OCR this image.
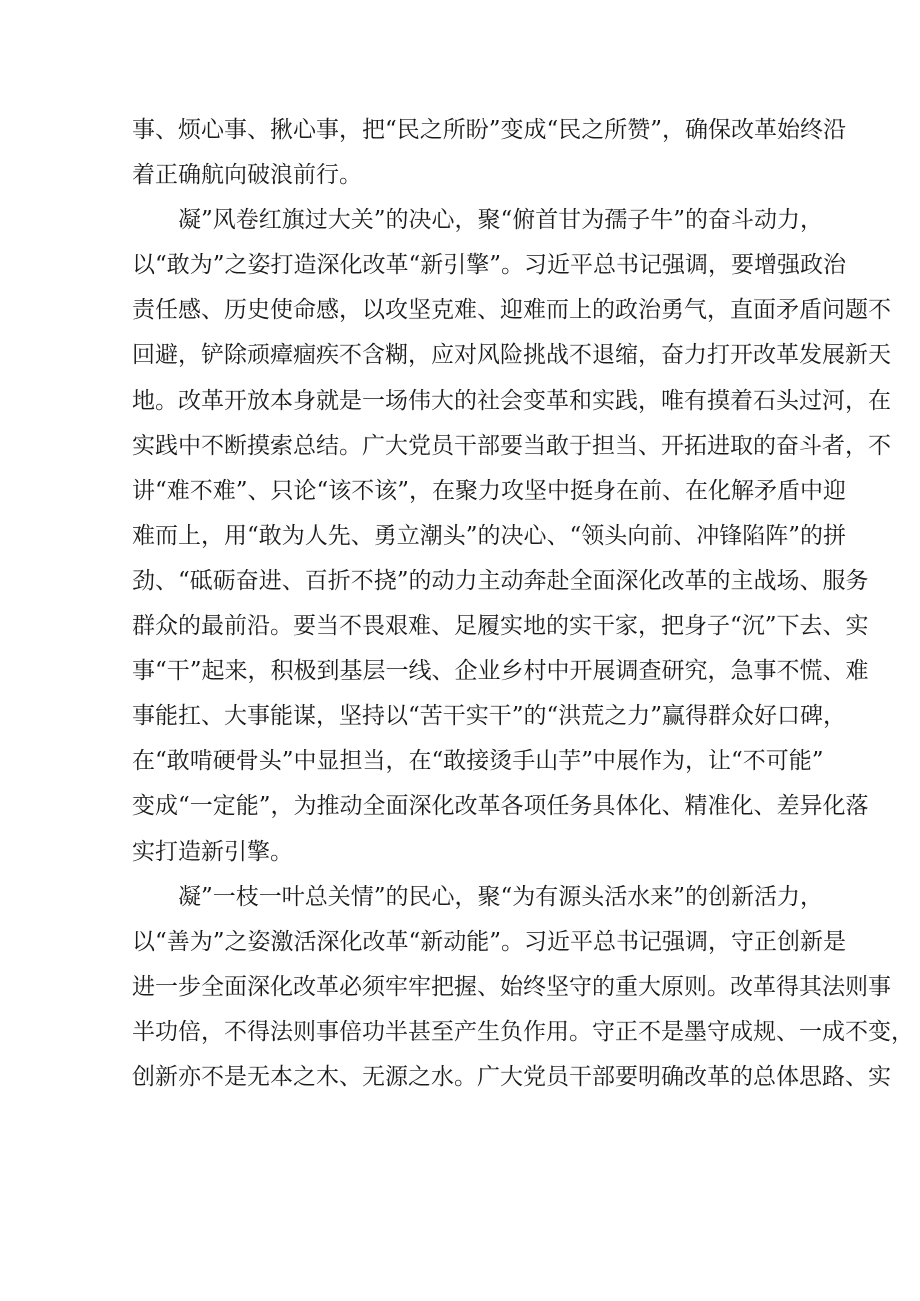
事、烦心事、揪心事，把“民之所盼”变成“民之所赞”，确保改革始终沿
着正确航向破浪前行。
凝”风卷红旗过大关”的决心，聚“俯首甘为孺子牛”的奋斗动力，
以“敢为”之姿打造深化改革“新引擎”。习近平总书记强调，要增强政治
责任感、历史使命感，以攻坚克难、迎难而上的政治勇气，直面矛盾问题不
回避，铲除顽瘴痼疾不含糊，应对风险挑战不退缩，奋力打开改革发展新天
地。改革开放本身就是一场伟大的社会变革和实践，唯有摸着石头过河，在
实践中不断摸索总结。广大党员干部要当敢于担当、开拓进取的奋斗者，不
讲“难不难”、只论“该不该”，在聚力攻坚中挺身在前、在化解矛盾中迎
难而上，用“敢为人先、勇立潮头”的决心、“领头向前、冲锋陷阵”的拼
劲、“砥砺奋进、百折不挠”的动力主动奔赴全面深化改革的主战场、服务
群众的最前沿。要当不畏艰难、足履实地的实干家，把身子“沉”下去、实
事“干”起来，积极到基层一线、企业乡村中开展调查研究，急事不慌、难
事能扛、大事能谋，坚持以“苦干实干”的“洪荒之力”赢得群众好口碑，
在“敢啃硬骨头”中显担当，在“敢接烫手山芋”中展作为，让“不可能”
变成“一定能”，为推动全面深化改革各项任务具体化、精准化、差异化落
实打造新引擎。
凝”一枝一叶总关情”的民心，聚“为有源头活水来”的创新活力，
以“善为”之姿激活深化改革“新动能”。习近平总书记强调，守正创新是
进一步全面深化改革必须牢牢把握、始终坚守的重大原则。改革得其法则事
半功倍，不得法则事倍功半甚至产生负作用。守正不是墨守成规、一成不变，
创新亦不是无本之木、无源之水。广大党员干部要明确改革的总体思路、实
